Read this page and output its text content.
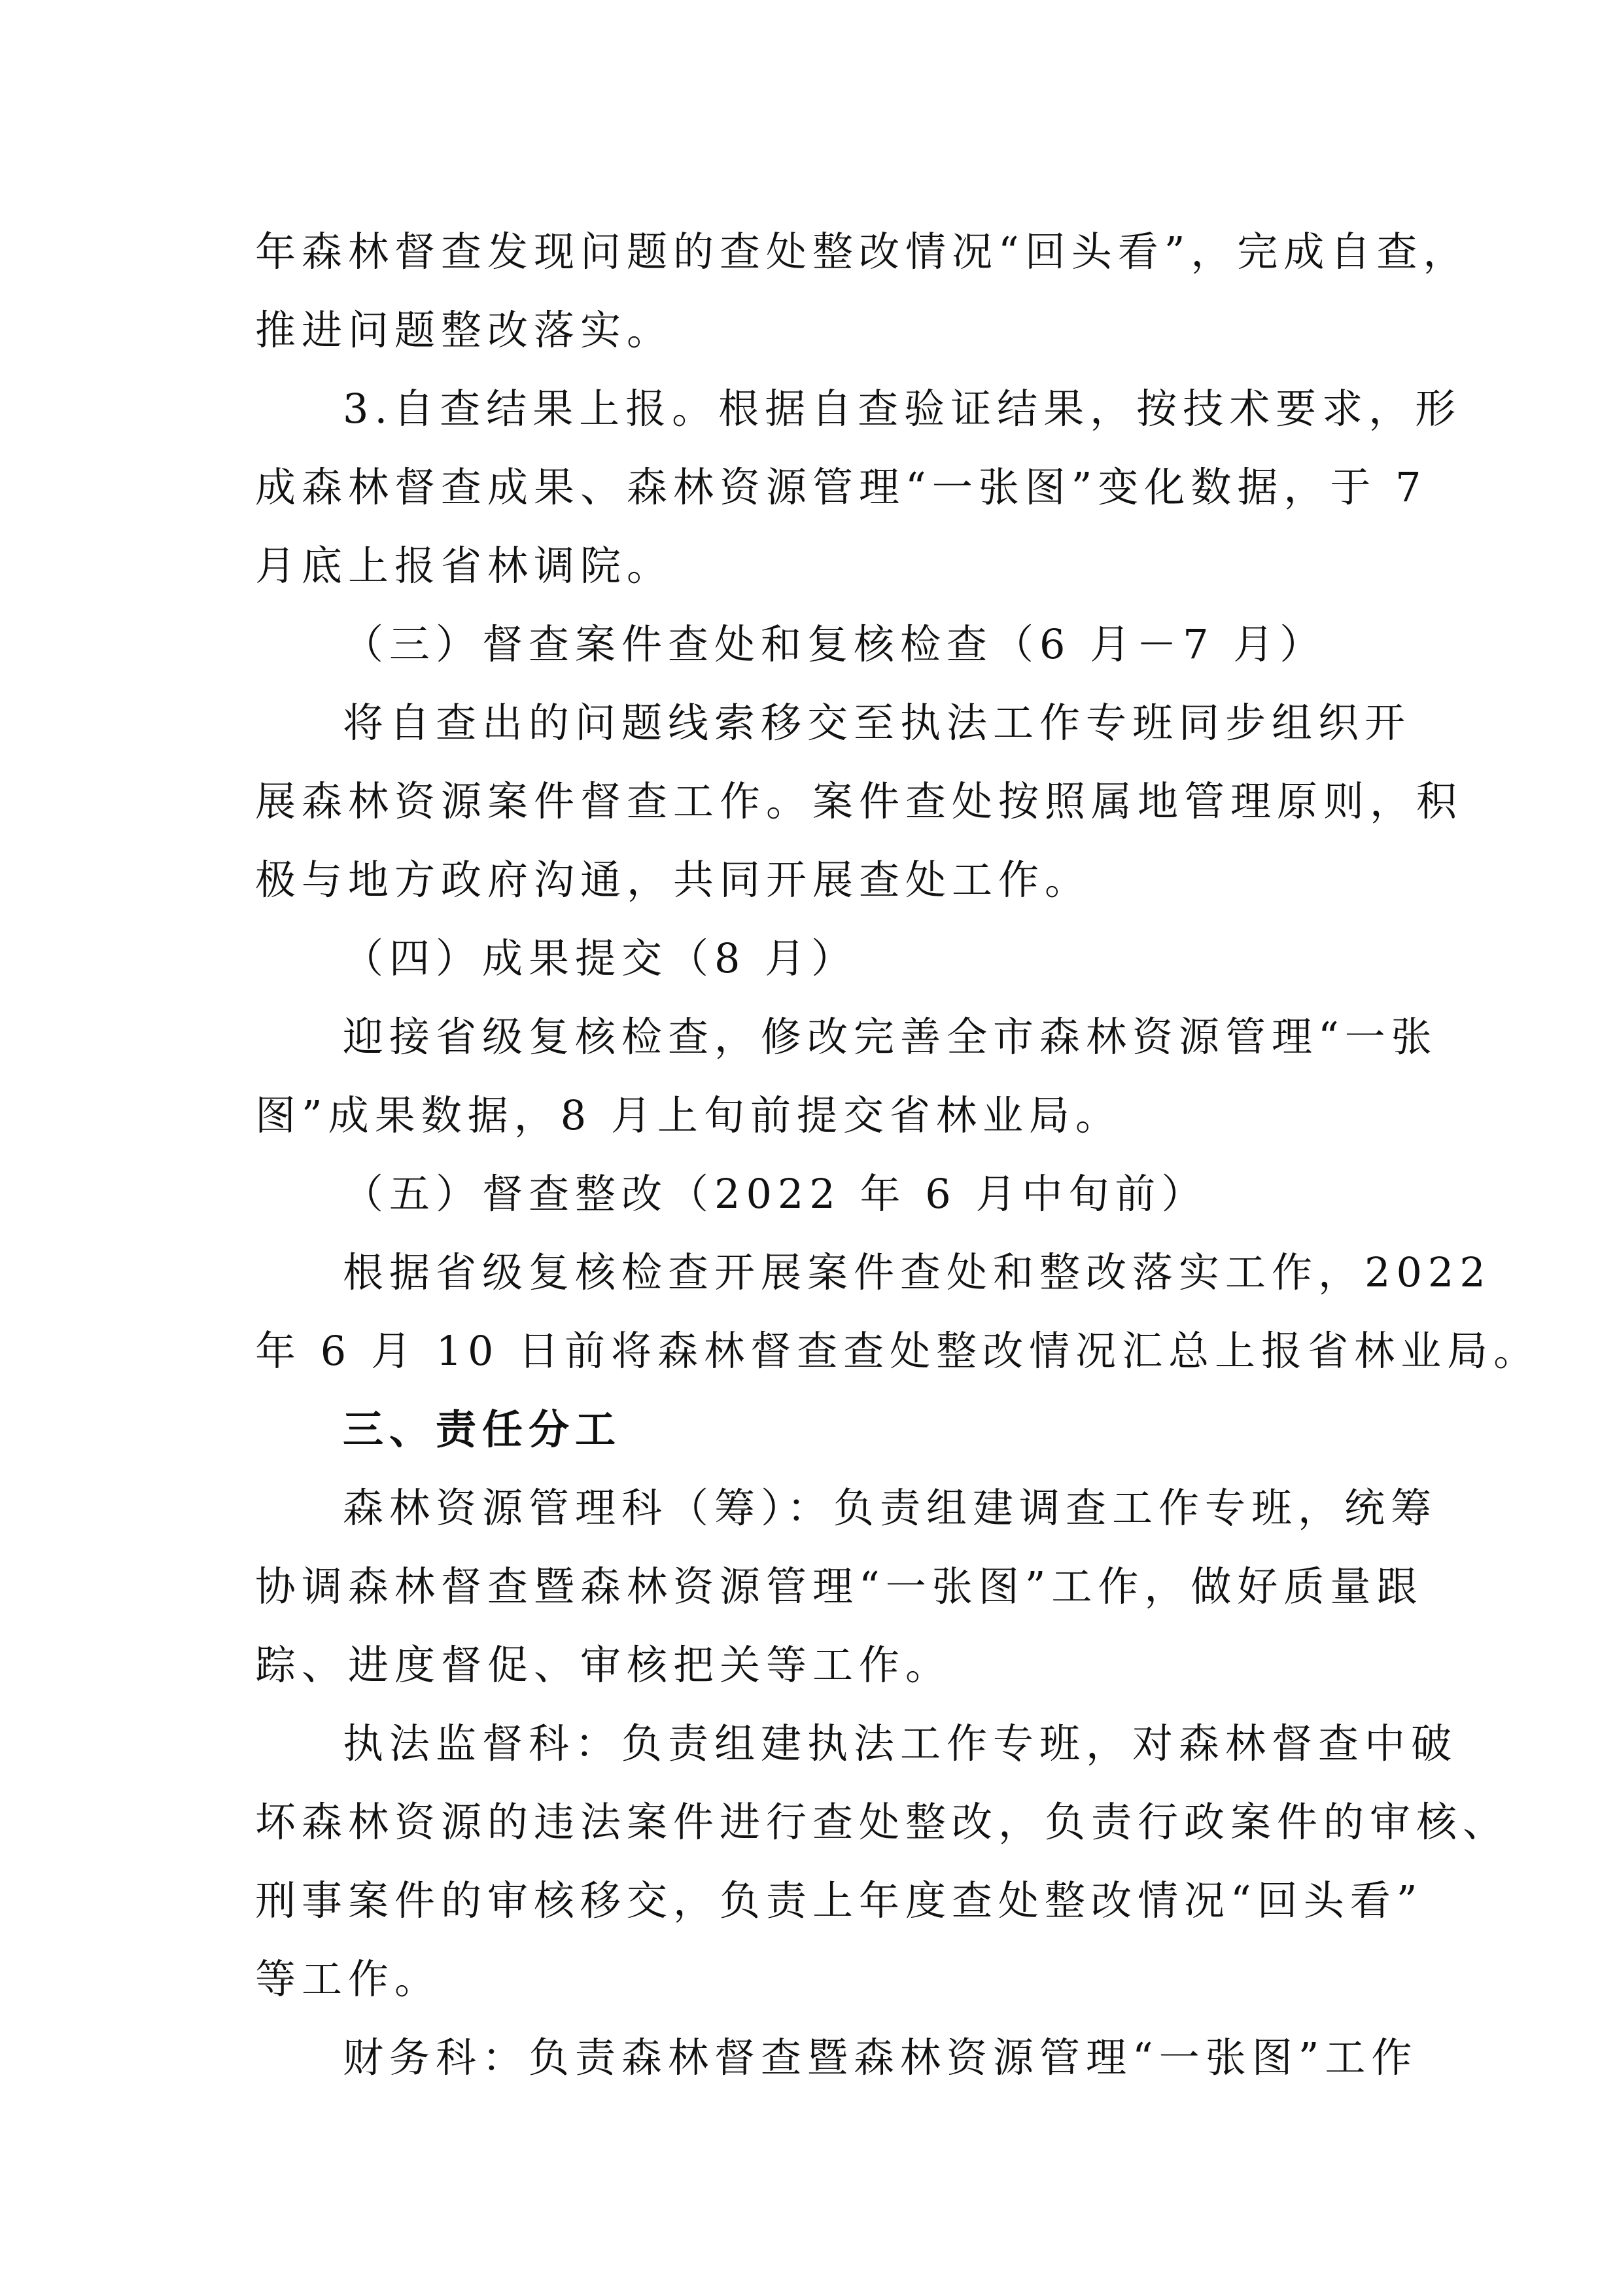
年森林督查发现问题的查处整改情况“回头看”，完成自查，
推进问题整改落实。
3.自查结果上报。根据自查验证结果，按技术要求，形
成森林督查成果、森林资源管理“一张图”变化数据，于 7
月底上报省林调院。
（三）督查案件查处和复核检查（6 月－7 月）
将自查出的问题线索移交至执法工作专班同步组织开
展森林资源案件督查工作。案件查处按照属地管理原则，积
极与地方政府沟通，共同开展查处工作。
（四）成果提交（8 月）
迎接省级复核检查，修改完善全市森林资源管理“一张
图”成果数据，8 月上旬前提交省林业局。
（五）督查整改（2022 年 6 月中旬前）
根据省级复核检查开展案件查处和整改落实工作，2022
年 6 月 10 日前将森林督查查处整改情况汇总上报省林业局。
三、责任分工
森林资源管理科（筹）：负责组建调查工作专班，统筹
协调森林督查暨森林资源管理“一张图”工作，做好质量跟
踪、进度督促、审核把关等工作。
执法监督科：负责组建执法工作专班，对森林督查中破
坏森林资源的违法案件进行查处整改，负责行政案件的审核、
刑事案件的审核移交，负责上年度查处整改情况“回头看”
等工作。
财务科：负责森林督查暨森林资源管理“一张图”工作
